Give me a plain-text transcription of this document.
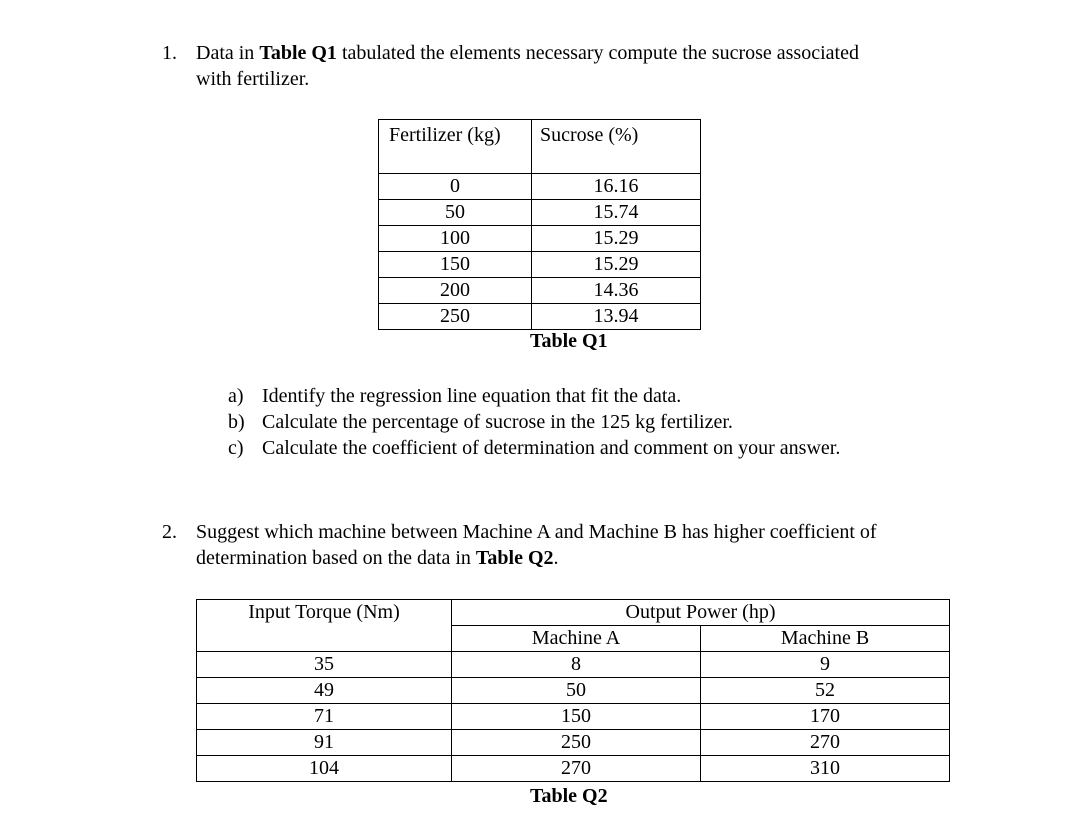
1. Data in Table Q1 tabulated the elements necessary compute the sucrose associated
with fertilizer.
Fertilizer (kg)	Sucrose (%)
0	16.16
50	15.74
100	15.29
150	15.29
200	14.36
250	13.94
Table Q1
a) Identify the regression line equation that fit the data.
b) Calculate the percentage of sucrose in the 125 kg fertilizer.
c) Calculate the coefficient of determination and comment on your answer.
2. Suggest which machine between Machine A and Machine B has higher coefficient of
determination based on the data in Table Q2.
Input Torque (Nm)	Output Power (hp)	
	Machine A	Machine B
35	8	9
49	50	52
71	150	170
91	250	270
104	270	310
Table Q2
